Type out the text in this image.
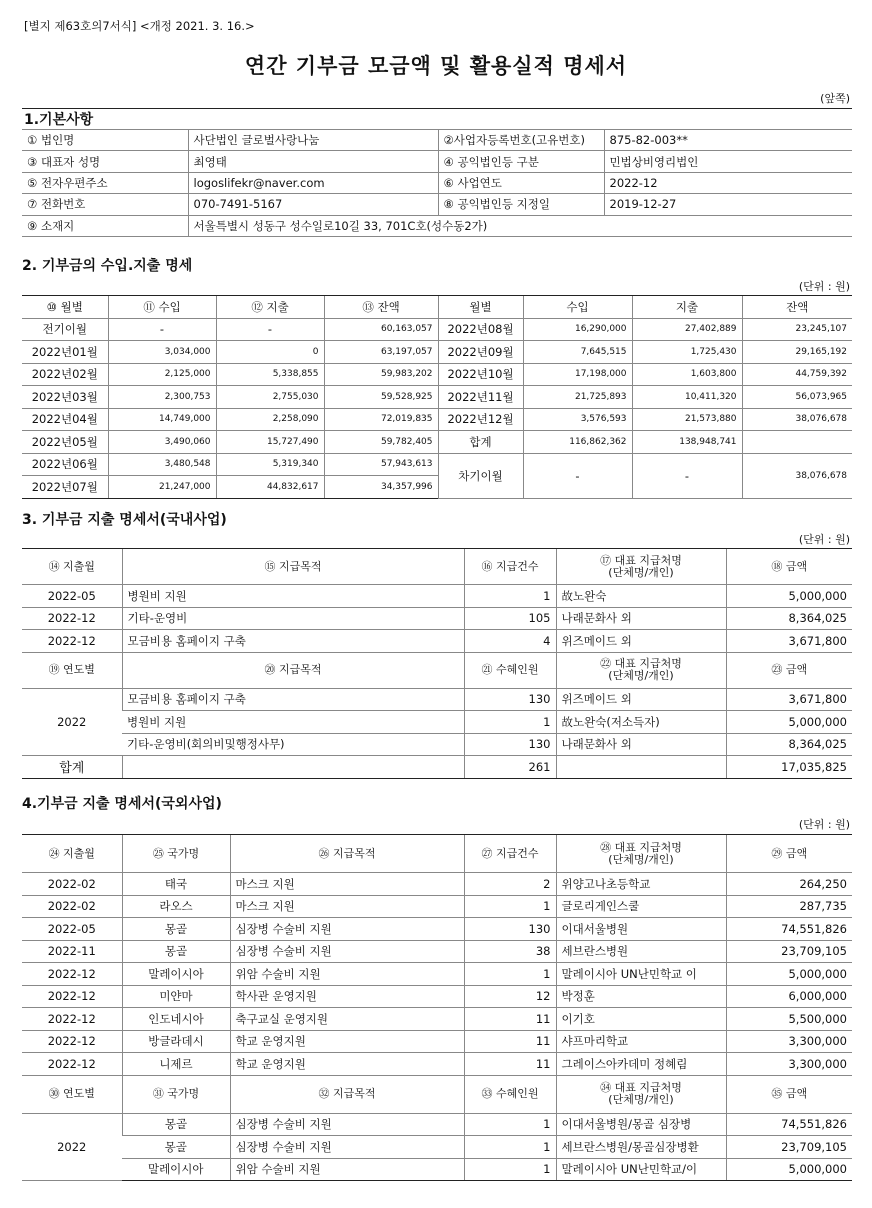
[별지 제63호의7서식] <개정 2021. 3. 16.>
연간 기부금 모금액 및 활용실적 명세서
(앞쪽)
1.기본사항			
① 법인명	사단법인 글로벌사랑나눔	②사업자등록번호(고유번호)	875-82-003**
③ 대표자 성명	최영태	④ 공익법인등 구분	민법상비영리법인
⑤ 전자우편주소	logoslifekr@naver.com	⑥ 사업연도	2022-12
⑦ 전화번호	070-7491-5167	⑧ 공익법인등 지정일	2019-12-27
⑨ 소재지	서울특별시 성동구 성수일로10길 33, 701C호(성수동2가)		
2. 기부금의 수입.지출 명세
(단위 : 원)
⑩ 월별	⑪ 수입	⑫ 지출	⑬ 잔액	월별	수입	지출	잔액
전기이월	-	-	60,163,057	2022년08월	16,290,000	27,402,889	23,245,107
2022년01월	3,034,000	0	63,197,057	2022년09월	7,645,515	1,725,430	29,165,192
2022년02월	2,125,000	5,338,855	59,983,202	2022년10월	17,198,000	1,603,800	44,759,392
2022년03월	2,300,753	2,755,030	59,528,925	2022년11월	21,725,893	10,411,320	56,073,965
2022년04월	14,749,000	2,258,090	72,019,835	2022년12월	3,576,593	21,573,880	38,076,678
2022년05월	3,490,060	15,727,490	59,782,405	합계	116,862,362	138,948,741	
2022년06월	3,480,548	5,319,340	57,943,613	차기이월	-	-	38,076,678
2022년07월	21,247,000	44,832,617	34,357,996				
3. 기부금 지출 명세서(국내사업)
(단위 : 원)
⑭ 지출월	⑮ 지급목적	⑯ 지급건수	⑰ 대표 지급처명
(단체명/개인)	⑱ 금액
2022-05	병원비 지원	1	故노완숙	5,000,000
2022-12	기타-운영비	105	나래문화사 외	8,364,025
2022-12	모금비용 홈페이지 구축	4	위즈메이드 외	3,671,800
⑲ 연도별	⑳ 지급목적	㉑ 수혜인원	㉒ 대표 지급처명
(단체명/개인)	㉓ 금액
2022	모금비용 홈페이지 구축	130	위즈메이드 외	3,671,800
	병원비 지원	1	故노완숙(저소득자)	5,000,000
	기타-운영비(회의비및행정사무)	130	나래문화사 외	8,364,025
합계		261		17,035,825
4.기부금 지출 명세서(국외사업)
(단위 : 원)
㉔ 지출월	㉕ 국가명	㉖ 지급목적	㉗ 지급건수	㉘ 대표 지급처명
(단체명/개인)	㉙ 금액
2022-02	태국	마스크 지원	2	위양고나초등학교	264,250
2022-02	라오스	마스크 지원	1	글로리게인스쿨	287,735
2022-05	몽골	심장병 수술비 지원	130	이대서울병원	74,551,826
2022-11	몽골	심장병 수술비 지원	38	세브란스병원	23,709,105
2022-12	말레이시아	위암 수술비 지원	1	말레이시아 UN난민학교 이	5,000,000
2022-12	미얀마	학사관 운영지원	12	박정훈	6,000,000
2022-12	인도네시아	축구교실 운영지원	11	이기호	5,500,000
2022-12	방글라데시	학교 운영지원	11	샤프마리학교	3,300,000
2022-12	니제르	학교 운영지원	11	그레이스아카데미 정혜림	3,300,000
㉚ 연도별	㉛ 국가명	㉜ 지급목적	㉝ 수혜인원	㉞ 대표 지급처명
(단체명/개인)	㉟ 금액
2022	몽골	심장병 수술비 지원	1	이대서울병원/몽골 심장병	74,551,826
	몽골	심장병 수술비 지원	1	세브란스병원/몽골심장병환	23,709,105
	말레이시아	위암 수술비 지원	1	말레이시아 UN난민학교/이	5,000,000
